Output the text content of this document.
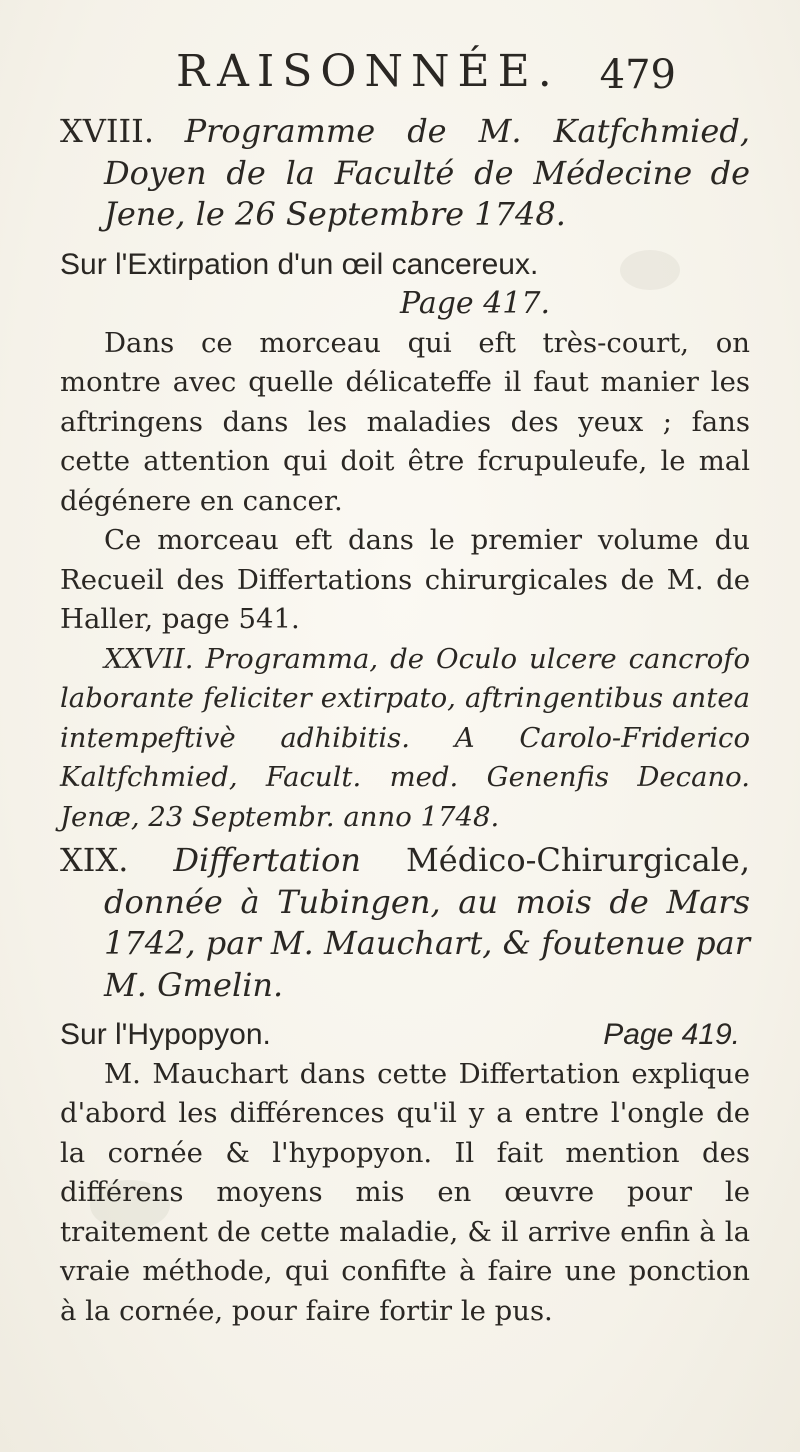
RAISONNÉE. 479

XVIII. Programme de M. Katfchmied, Doyen de la Faculté de Médecine de Jene, le 26 Septembre 1748.

Sur l'Extirpation d'un œil cancereux.

Page 417.

Dans ce morceau qui eft très-court, on montre avec quelle délicateffe il faut manier les aftringens dans les maladies des yeux ; fans cette attention qui doit être fcrupuleufe, le mal dégénere en cancer.

Ce morceau eft dans le premier volume du Recueil des Differtations chirurgicales de M. de Haller, page 541.

XXVII. Programma, de Oculo ulcere cancrofo laborante feliciter extirpato, aftringentibus antea intempeftivè adhibitis. A Carolo-Friderico Kaltfchmied, Facult. med. Genenfis Decano. Jenæ, 23 Septembr. anno 1748.

XIX. Differtation Médico-Chirurgicale, donnée à Tubingen, au mois de Mars 1742, par M. Mauchart, & foutenue par M. Gmelin.

Sur l'Hypopyon.	Page 419.

M. Mauchart dans cette Differtation explique d'abord les différences qu'il y a entre l'ongle de la cornée & l'hypopyon. Il fait mention des différens moyens mis en œuvre pour le traitement de cette maladie, & il arrive enfin à la vraie méthode, qui confifte à faire une ponction à la cornée, pour faire fortir le pus.
